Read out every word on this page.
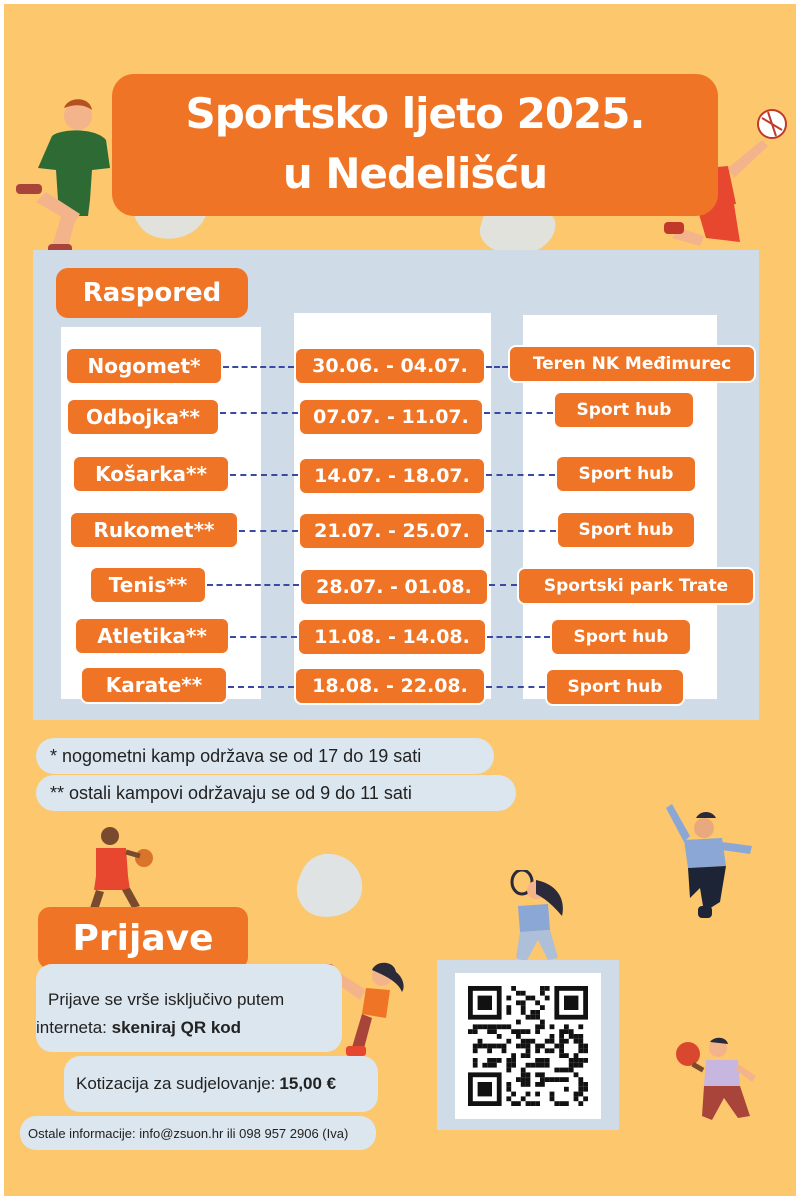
Sportsko ljeto 2025.
u Nedelišću
Raspored
Nogomet*	30.06. - 04.07.	Teren NK Međimurec
Odbojka**	07.07. - 11.07.	Sport hub
Košarka**	14.07. - 18.07.	Sport hub
Rukomet**	21.07. - 25.07.	Sport hub
Tenis**	28.07. - 01.08.	Sportski park Trate
Atletika**	11.08. - 14.08.	Sport hub
Karate**	18.08. - 22.08.	Sport hub
* nogometni kamp održava se od 17 do 19 sati
** ostali kampovi održavaju se od 9 do 11 sati
Prijave
Prijave se vrše isključivo putem
interneta: skeniraj QR kod
Kotizacija za sudjelovanje: 15,00 €
Ostale informacije: info@zsuon.hr ili 098 957 2906 (Iva)
